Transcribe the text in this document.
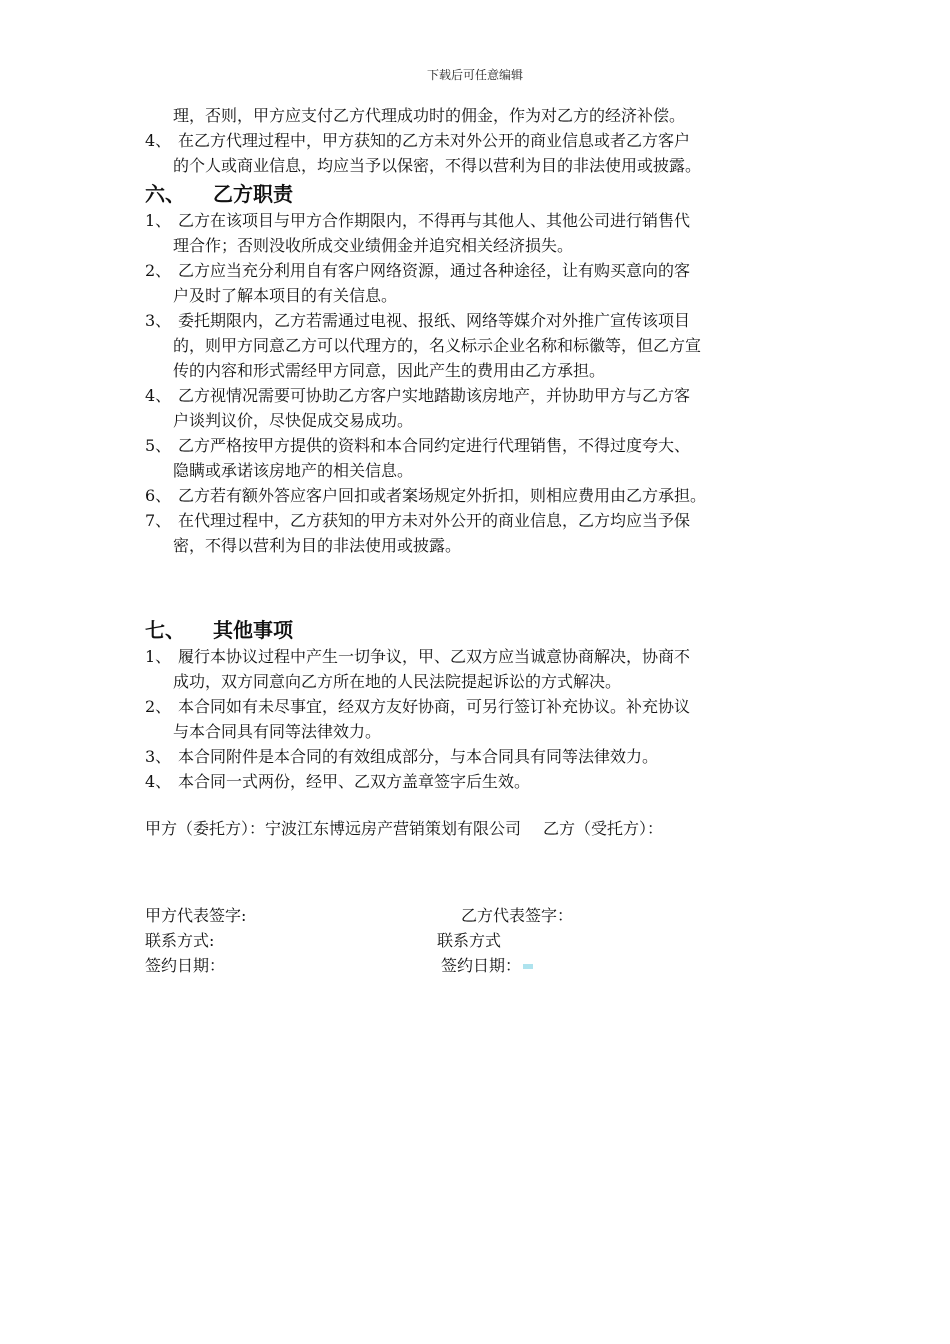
下载后可任意编辑
理，否则，甲方应支付乙方代理成功时的佣金，作为对乙方的经济补偿。
4、 在乙方代理过程中，甲方获知的乙方未对外公开的商业信息或者乙方客户
的个人或商业信息，均应当予以保密，不得以营利为目的非法使用或披露。
六、 乙方职责
1、 乙方在该项目与甲方合作期限内，不得再与其他人、其他公司进行销售代
理合作；否则没收所成交业绩佣金并追究相关经济损失。
2、 乙方应当充分利用自有客户网络资源，通过各种途径，让有购买意向的客
户及时了解本项目的有关信息。
3、 委托期限内，乙方若需通过电视、报纸、网络等媒介对外推广宣传该项目
的，则甲方同意乙方可以代理方的，名义标示企业名称和标徽等，但乙方宣
传的内容和形式需经甲方同意，因此产生的费用由乙方承担。
4、 乙方视情况需要可协助乙方客户实地踏勘该房地产，并协助甲方与乙方客
户谈判议价，尽快促成交易成功。
5、 乙方严格按甲方提供的资料和本合同约定进行代理销售，不得过度夸大、
隐瞒或承诺该房地产的相关信息。
6、 乙方若有额外答应客户回扣或者案场规定外折扣，则相应费用由乙方承担。
7、 在代理过程中，乙方获知的甲方未对外公开的商业信息，乙方均应当予保
密，不得以营利为目的非法使用或披露。
七、 其他事项
1、 履行本协议过程中产生一切争议，甲、乙双方应当诚意协商解决，协商不
成功，双方同意向乙方所在地的人民法院提起诉讼的方式解决。
2、 本合同如有未尽事宜，经双方友好协商，可另行签订补充协议。补充协议
与本合同具有同等法律效力。
3、 本合同附件是本合同的有效组成部分，与本合同具有同等法律效力。
4、 本合同一式两份，经甲、乙双方盖章签字后生效。
甲方（委托方）：宁波江东博远房产营销策划有限公司 乙方（受托方）：
甲方代表签字:	乙方代表签字：
联系方式:	联系方式
签约日期：	签约日期：
